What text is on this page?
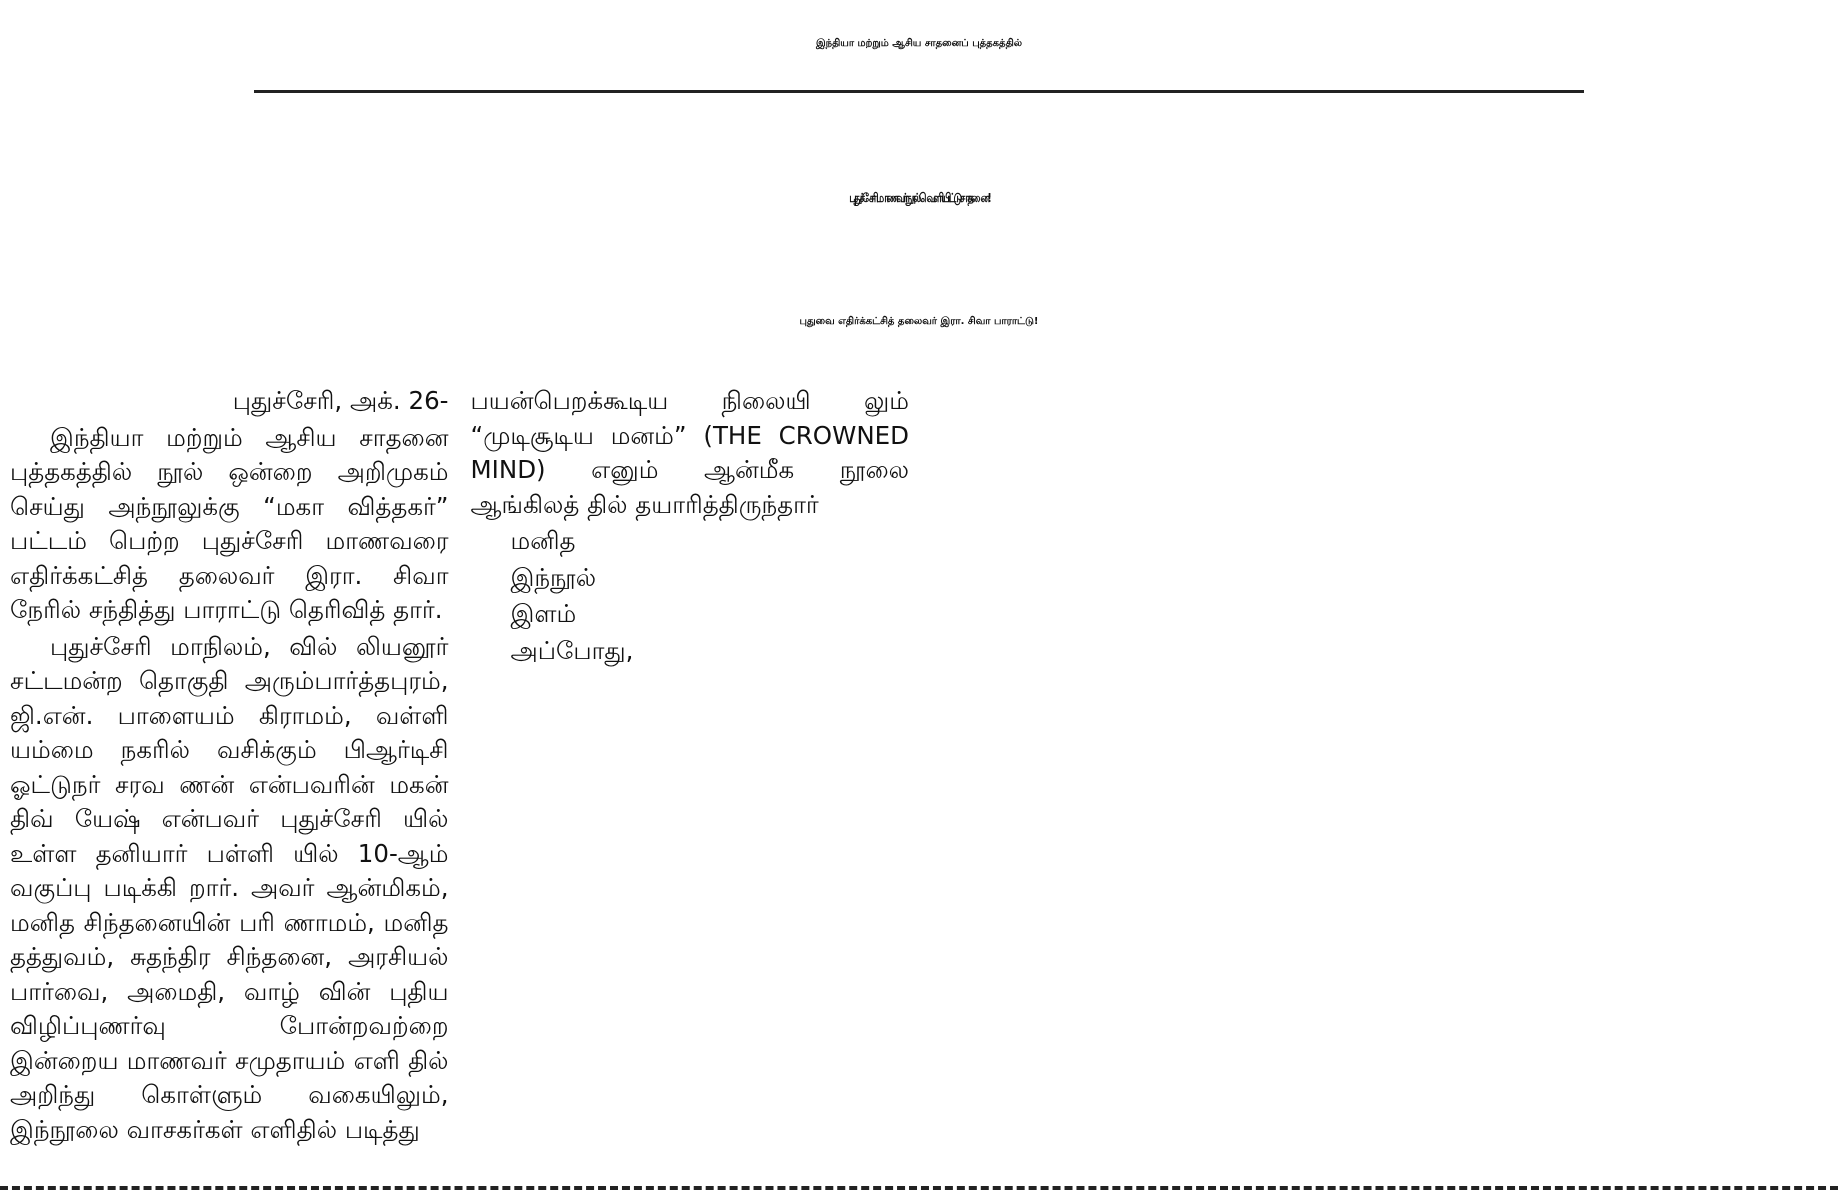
இந்தியா மற்றும் ஆசிய சாதனைப் புத்தகத்தில்
புதுச்சேரி மாணவர் நூல் வெளியிட்டு சாதனை!
புதுவை எதிர்க்கட்சித் தலைவர் இரா. சிவா பாராட்டு!

புதுச்சேரி, அக். 26-

இந்தியா மற்றும் ஆசிய சாதனை புத்தகத்தில் நூல் ஒன்றை அறிமுகம் செய்து அந்நூலுக்கு “மகா வித்தகர்” பட்டம் பெற்ற புதுச்சேரி மாணவரை எதிர்க்கட்சித் தலைவர் இரா. சிவா நேரில் சந்தித்து பாராட்டு தெரிவித் தார்.

புதுச்சேரி மாநிலம், வில் லியனூர் சட்டமன்ற தொகுதி அரும்பார்த்தபுரம், ஜி.என். பாளையம் கிராமம், வள்ளி யம்மை நகரில் வசிக்கும் பிஆர்டிசி ஓட்டுநர் சரவ ணன் என்பவரின் மகன் திவ் யேஷ் என்பவர் புதுச்சேரி யில் உள்ள தனியார் பள்ளி யில் 10-ஆம் வகுப்பு படிக்கி றார். அவர் ஆன்மிகம், மனித சிந்தனையின் பரி ணாமம், மனித தத்துவம், சுதந்திர சிந்தனை, அரசியல் பார்வை, அமைதி, வாழ் வின் புதிய விழிப்புணர்வு போன்றவற்றை இன்றைய மாணவர் சமுதாயம் எளி தில் அறிந்து கொள்ளும் வகையிலும், இந்நூலை வாசகர்கள் எளிதில் படித்து

பயன்பெறக்கூடிய நிலையி லும் “முடிசூடிய மனம்” (THE CROWNED MIND) எனும் ஆன்மீக நூலை ஆங்கிலத் தில் தயாரித்திருந்தார்

மனித

இந்நூல்

இளம்

அப்போது,
